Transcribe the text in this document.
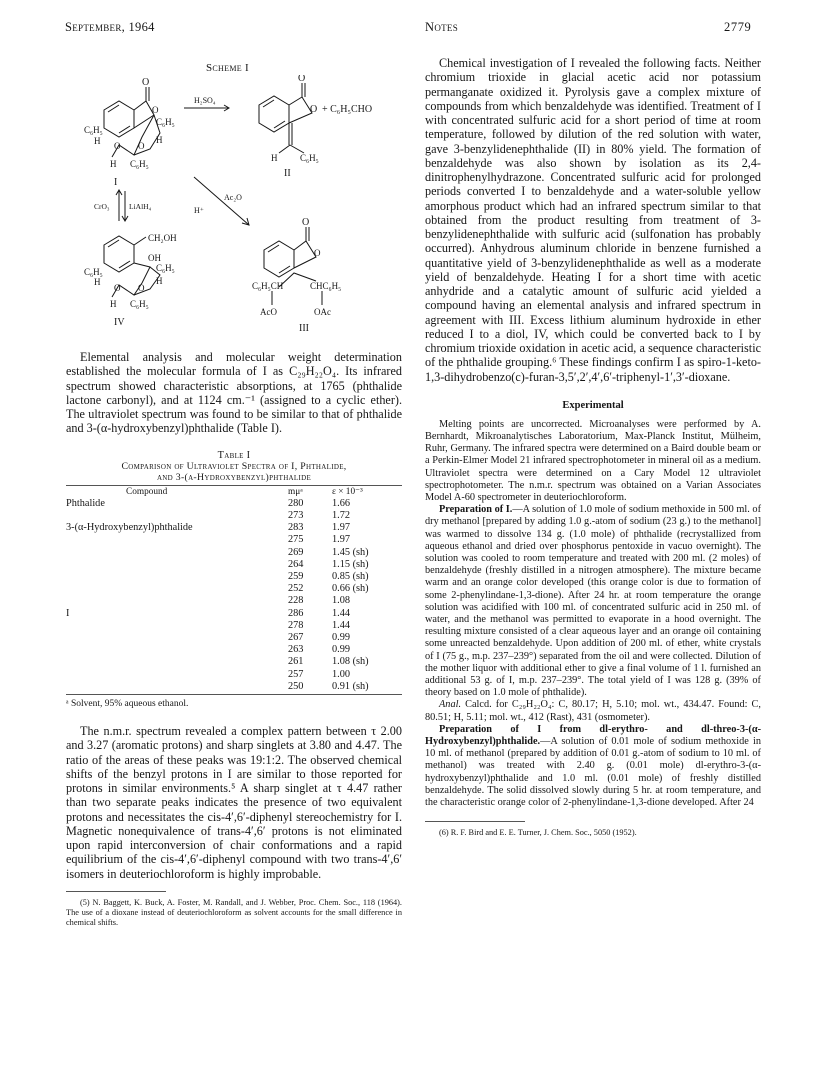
September, 1964	Notes	2779
Scheme I
O
O
C₆H₅
C₆H₅
H	H
O O
H C₆H₅
I
H₂SO₄
O
O + C₆H₅CHO
H	C₆H₅
II
CrO₃	LiAlH₄	H⁺
Ac₂O
CH₂OH
OH
C₆H₅
C₆H₅
H	H
O O
H C₆H₅
IV
O
O
C₆H₅CH	CHC₆H₅
AcO	OAc
III

Elemental analysis and molecular weight determination established the molecular formula of I as C₂₉H₂₂O₄. Its infrared spectrum showed characteristic absorptions, at 1765 (phthalide lactone carbonyl), and at 1124 cm.⁻¹ (assigned to a cyclic ether). The ultraviolet spectrum was found to be similar to that of phthalide and 3-(α-hydroxybenzyl)phthalide (Table I).

Table I
Comparison of Ultraviolet Spectra of I, Phthalide,
and 3-(α-Hydroxybenzyl)phthalide
Compound	mμᵃ	ε × 10⁻³
Phthalide	280	1.66
	273	1.72
3-(α-Hydroxybenzyl)phthalide	283	1.97
	275	1.97
	269	1.45 (sh)
	264	1.15 (sh)
	259	0.85 (sh)
	252	0.66 (sh)
	228	1.08
I	286	1.44
	278	1.44
	267	0.99
	263	0.99
	261	1.08 (sh)
	257	1.00
	250	0.91 (sh)
ᵃ Solvent, 95% aqueous ethanol.

The n.m.r. spectrum revealed a complex pattern between τ 2.00 and 3.27 (aromatic protons) and sharp singlets at 3.80 and 4.47. The ratio of the areas of these peaks was 19:1:2. The observed chemical shifts of the benzyl protons in I are similar to those reported for protons in similar environments.⁵ A sharp singlet at τ 4.47 rather than two separate peaks indicates the presence of two equivalent protons and necessitates the cis-4′,6′-diphenyl stereochemistry for I. Magnetic nonequivalence of trans-4′,6′ protons is not eliminated upon rapid interconversion of chair conformations and a rapid equilibrium of the cis-4′,6′-diphenyl compound with two trans-4′,6′ isomers in deuteriochloroform is highly improbable.

(5) N. Baggett, K. Buck, A. Foster, M. Randall, and J. Webber, Proc. Chem. Soc., 118 (1964). The use of a dioxane instead of deuteriochloroform as solvent accounts for the small difference in chemical shifts.

Chemical investigation of I revealed the following facts. Neither chromium trioxide in glacial acetic acid nor potassium permanganate oxidized it. Pyrolysis gave a complex mixture of compounds from which benzaldehyde was identified. Treatment of I with concentrated sulfuric acid for a short period of time at room temperature, followed by dilution of the red solution with water, gave 3-benzylidenephthalide (II) in 80% yield. The formation of benzaldehyde was also shown by isolation as its 2,4-dinitrophenylhydrazone. Concentrated sulfuric acid for prolonged periods converted I to benzaldehyde and a water-soluble yellow amorphous product which had an infrared spectrum similar to that obtained from the product resulting from treatment of 3-benzylidenephthalide with sulfuric acid (sulfonation has probably occurred). Anhydrous aluminum chloride in benzene furnished a quantitative yield of 3-benzylidenephthalide as well as a moderate yield of benzaldehyde. Heating I for a short time with acetic anhydride and a catalytic amount of sulfuric acid yielded a compound having an elemental analysis and infrared spectrum in agreement with III. Excess lithium aluminum hydroxide in ether reduced I to a diol, IV, which could be converted back to I by chromium trioxide oxidation in acetic acid, a sequence characteristic of the phthalide grouping.⁶ These findings confirm I as spiro-1-keto-1,3-dihydrobenzo(c)-furan-3,5′,2′,4′,6′-triphenyl-1′,3′-dioxane.

Experimental

Melting points are uncorrected. Microanalyses were performed by A. Bernhardt, Mikroanalytisches Laboratorium, Max-Planck Institut, Mülheim, Ruhr, Germany. The infrared spectra were determined on a Baird double beam or a Perkin-Elmer Model 21 infrared spectrophotometer in mineral oil as a medium. Ultraviolet spectra were determined on a Cary Model 12 ultraviolet spectrophotometer. The n.m.r. spectrum was obtained on a Varian Associates Model A-60 spectrometer in deuteriochloroform.

Preparation of I.—A solution of 1.0 mole of sodium methoxide in 500 ml. of dry methanol [prepared by adding 1.0 g.-atom of sodium (23 g.) to the methanol] was warmed to dissolve 134 g. (1.0 mole) of phthalide (recrystallized from aqueous ethanol and dried over phosphorus pentoxide in vacuo overnight). The solution was cooled to room temperature and treated with 200 ml. (2 moles) of benzaldehyde (freshly distilled in a nitrogen atmosphere). The mixture became warm and an orange color developed (this orange color is due to formation of some 2-phenylindane-1,3-dione). After 24 hr. at room temperature the orange solution was acidified with 100 ml. of concentrated sulfuric acid in 250 ml. of water, and the methanol was permitted to evaporate in a hood overnight. The resulting mixture consisted of a clear aqueous layer and an orange oil containing some unreacted benzaldehyde. Upon addition of 200 ml. of ether, white crystals of I (75 g., m.p. 237–239°) separated from the oil and were collected. Dilution of the mother liquor with additional ether to give a final volume of 1 l. furnished an additional 53 g. of I, m.p. 237–239°. The total yield of I was 128 g. (39% of theory based on 1.0 mole of phthalide).

Anal. Calcd. for C₂₉H₂₂O₄: C, 80.17; H, 5.10; mol. wt., 434.47. Found: C, 80.51; H, 5.11; mol. wt., 412 (Rast), 431 (osmometer).

Preparation of I from dl-erythro- and dl-threo-3-(α-Hydroxybenzyl)phthalide.—A solution of 0.01 mole of sodium methoxide in 10 ml. of methanol (prepared by addition of 0.01 g.-atom of sodium to 10 ml. of methanol) was treated with 2.40 g. (0.01 mole) dl-erythro-3-(α-hydroxybenzyl)phthalide and 1.0 ml. (0.01 mole) of freshly distilled benzaldehyde. The solid dissolved slowly during 5 hr. at room temperature, and the characteristic orange color of 2-phenylindane-1,3-dione developed. After 24

(6) R. F. Bird and E. E. Turner, J. Chem. Soc., 5050 (1952).
